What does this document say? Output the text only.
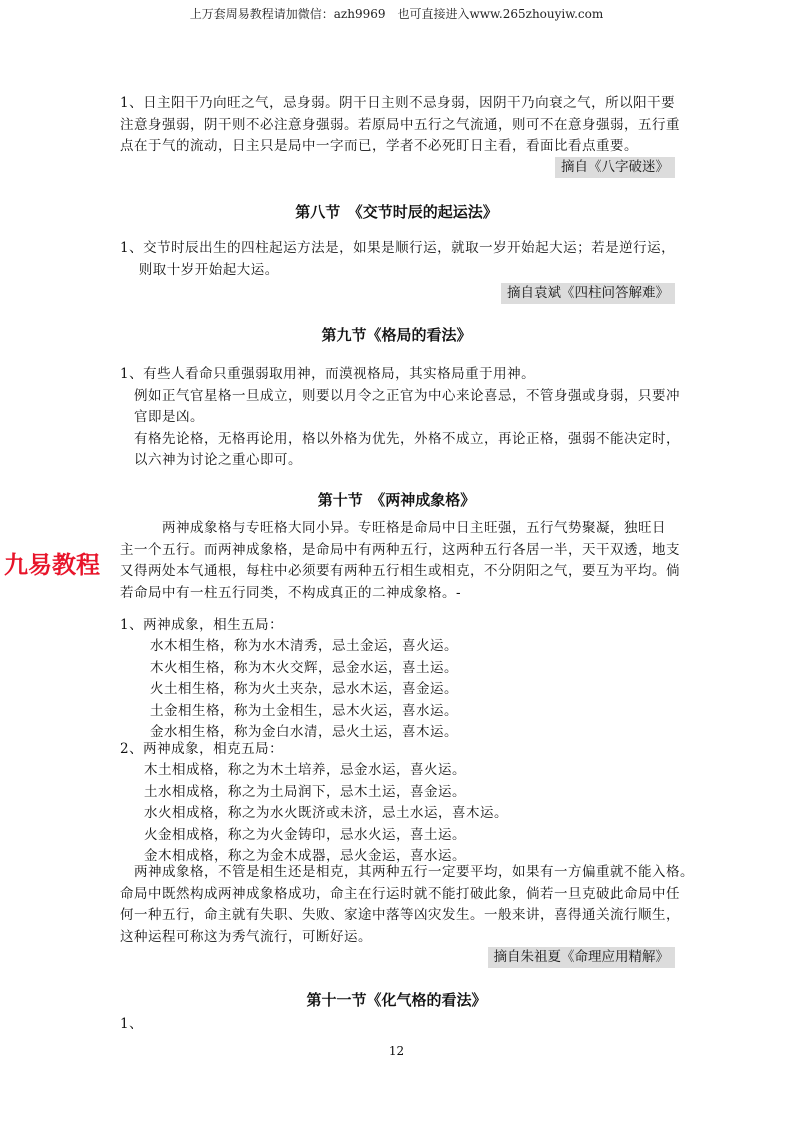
上万套周易教程请加微信：azh9969　也可直接进入www.265zhouyiw.com
1、日主阳干乃向旺之气，忌身弱。阴干日主则不忌身弱，因阴干乃向衰之气，所以阳干要
注意身强弱，阴干则不必注意身强弱。若原局中五行之气流通，则可不在意身强弱，五行重
点在于气的流动，日主只是局中一字而已，学者不必死盯日主看，看面比看点重要。
摘自《八字破迷》
第八节　《交节时辰的起运法》
1、交节时辰出生的四柱起运方法是，如果是顺行运，就取一岁开始起大运；若是逆行运，
　 则取十岁开始起大运。
摘自袁斌《四柱问答解难》
第九节《格局的看法》
1、有些人看命只重强弱取用神，而漠视格局，其实格局重于用神。
　例如正气官星格一旦成立，则要以月令之正官为中心来论喜忌，不管身强或身弱，只要冲
　官即是凶。
　有格先论格，无格再论用，格以外格为优先，外格不成立，再论正格，强弱不能决定时，
　以六神为讨论之重心即可。
第十节　《两神成象格》
　　　两神成象格与专旺格大同小异。专旺格是命局中日主旺强，五行气势聚凝，独旺日
主一个五行。而两神成象格，是命局中有两种五行，这两种五行各居一半，天干双透，地支
又得两处本气通根，每柱中必须要有两种五行相生或相克，不分阴阳之气，要互为平均。倘
若命局中有一柱五行同类，不构成真正的二神成象格。-
1、两神成象，相生五局：
　　水木相生格，称为水木清秀，忌土金运，喜火运。
　　木火相生格，称为木火交辉，忌金水运，喜土运。
　　火土相生格，称为火土夹杂，忌水木运，喜金运。
　　土金相生格，称为土金相生，忌木火运，喜水运。
　　金水相生格，称为金白水清，忌火土运，喜木运。
2、两神成象，相克五局：
　　木土相成格，称之为木土培养，忌金水运，喜火运。
　　土水相成格，称之为土局润下，忌木土运，喜金运。
　　水火相成格，称之为水火既济或未济，忌土水运，喜木运。
　　火金相成格，称之为火金铸印，忌水火运，喜土运。
　　金木相成格，称之为金木成器，忌火金运，喜水运。
　两神成象格，不管是相生还是相克，其两种五行一定要平均，如果有一方偏重就不能入格。
命局中既然构成两神成象格成功，命主在行运时就不能打破此象，倘若一旦克破此命局中任
何一种五行，命主就有失职、失败、家途中落等凶灾发生。一般来讲，喜得通关流行顺生，
这种运程可称这为秀气流行，可断好运。
摘自朱祖夏《命理应用精解》
第十一节《化气格的看法》
1、
九易教程
12
